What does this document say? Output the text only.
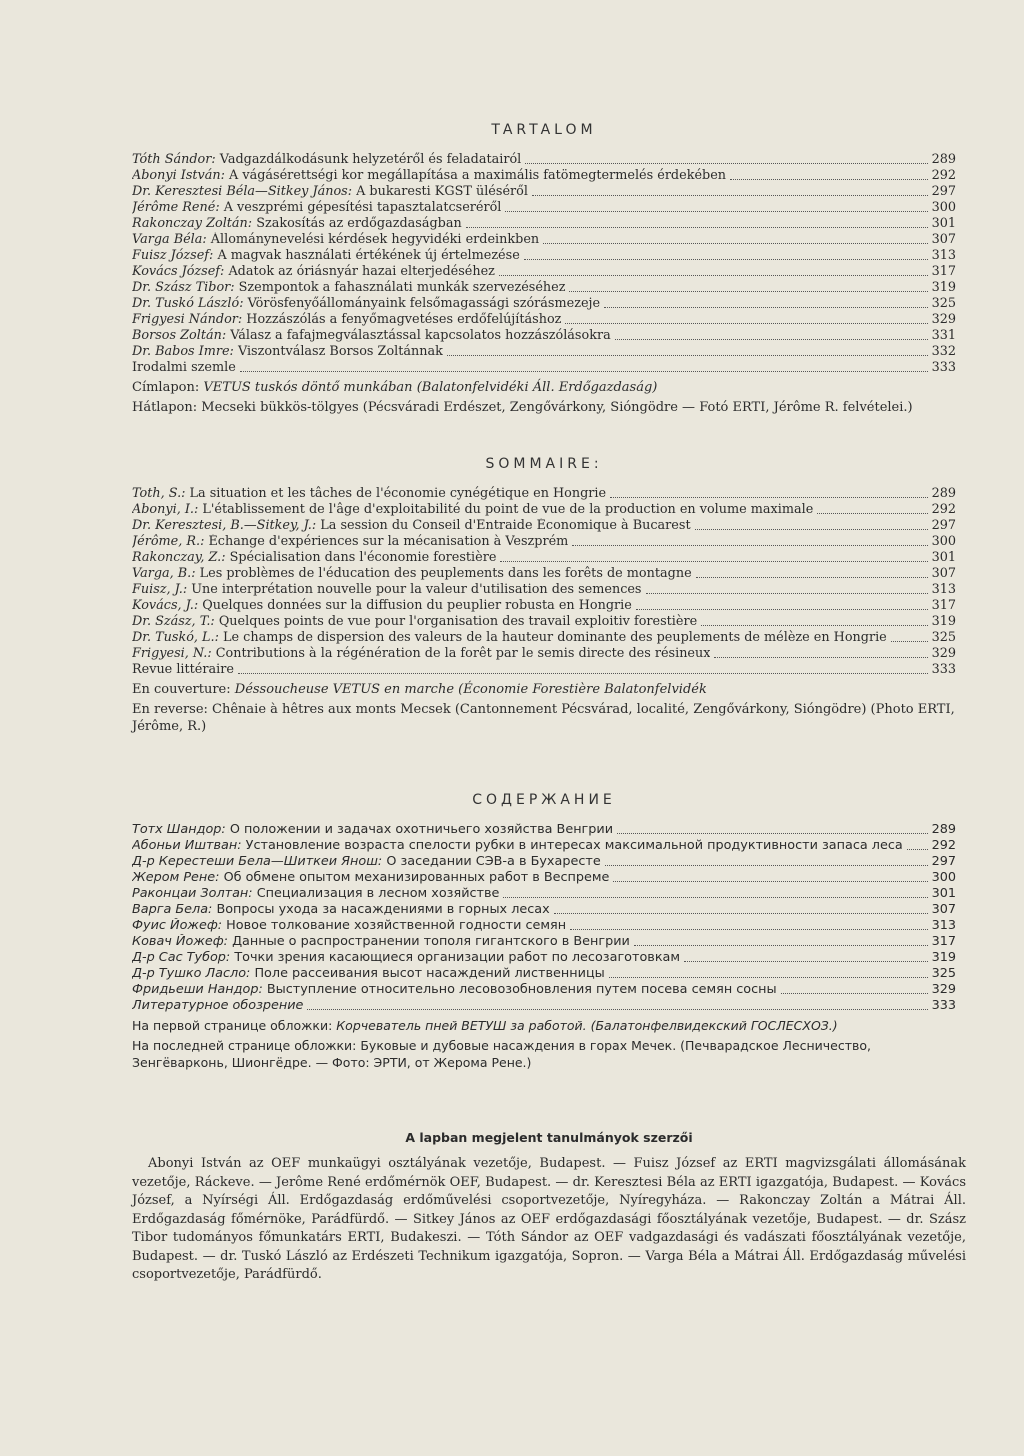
TARTALOM
Tóth Sándor: Vadgazdálkodásunk helyzetéről és feladatairól	289
Abonyi István: A vágásérettségi kor megállapítása a maximális fatömegtermelés érdekében	292
Dr. Keresztesi Béla—Sitkey János: A bukaresti KGST üléséről	297
Jérôme René: A veszprémi gépesítési tapasztalatcseréről	300
Rakonczay Zoltán: Szakosítás az erdőgazdaságban	301
Varga Béla: Állománynevelési kérdések hegyvidéki erdeinkben	307
Fuisz József: A magvak használati értékének új értelmezése	313
Kovács József: Adatok az óriásnyár hazai elterjedéséhez	317
Dr. Szász Tibor: Szempontok a fahasználati munkák szervezéséhez	319
Dr. Tuskó László: Vörösfenyőállományaink felsőmagassági szórásmezeje	325
Frigyesi Nándor: Hozzászólás a fenyőmagvetéses erdőfelújításhoz	329
Borsos Zoltán: Válasz a fafajmegválasztással kapcsolatos hozzászólásokra	331
Dr. Babos Imre: Viszontválasz Borsos Zoltánnak	332
Irodalmi szemle	333
Címlapon: VETUS tuskós döntő munkában (Balatonfelvidéki Áll. Erdőgazdaság)
Hátlapon: Mecseki bükkös-tölgyes (Pécsváradi Erdészet, Zengővárkony, Sióngödre — Fotó ERTI, Jérôme R. felvételei.)
SOMMAIRE:
Toth, S.: La situation et les tâches de l'économie cynégétique en Hongrie	289
Abonyi, I.: L'établissement de l'âge d'exploitabilité du point de vue de la production en volume maximale	292
Dr. Keresztesi, B.—Sitkey, J.: La session du Conseil d'Entraide Économique à Bucarest	297
Jérôme, R.: Échange d'expériences sur la mécanisation à Veszprém	300
Rakonczay, Z.: Spécialisation dans l'économie forestière	301
Varga, B.: Les problèmes de l'éducation des peuplements dans les forêts de montagne	307
Fuisz, J.: Une interprétation nouvelle pour la valeur d'utilisation des semences	313
Kovács, J.: Quelques données sur la diffusion du peuplier robusta en Hongrie	317
Dr. Szász, T.: Quelques points de vue pour l'organisation des travail exploitiv forestière	319
Dr. Tuskó, L.: Le champs de dispersion des valeurs de la hauteur dominante des peuplements de mélèze en Hongrie	325
Frigyesi, N.: Contributions à la régénération de la forêt par le semis directe des résineux	329
Revue littéraire	333
En couverture: Déssoucheuse VETUS en marche (Économie Forestière Balatonfelvidék
En reverse: Chênaie à hêtres aux monts Mecsek (Cantonnement Pécsvárad, localité, Zengővárkony, Sióngödre) (Photo ERTI, Jérôme, R.)
СОДЕРЖАНИЕ
Тотх Шандор: О положении и задачах охотничьего хозяйства Венгрии	289
Абоньи Иштван: Установление возраста спелости рубки в интересах максимальной продуктивности запаса леса 292
Д-р Керестеши Бела—Шиткеи Янош: О заседании СЭВ-а в Бухаресте	297
Жером Рене: Об обмене опытом механизированных работ в Веспреме	300
Раконцаи Золтан: Специализация в лесном хозяйстве	301
Варга Бела: Вопросы ухода за насаждениями в горных лесах	307
Фуис Йожеф: Новое толкование хозяйственной годности семян	313
Ковач Йожеф: Данные о распространении тополя гигантского в Венгрии	317
Д-р Сас Тубор: Точки зрения касающиеся организации работ по лесозаготовкам	319
Д-р Тушко Ласло: Поле рассеивания высот насаждений лиственницы	325
Фридьеши Нандор: Выступление относительно лесовозобновления путем посева семян сосны	329
Литературное обозрение	333
На первой странице обложки: Корчеватель пней ВЕТУШ за работой. (Балатонфелвидекский ГОСЛЕСХОЗ.)
На последней странице обложки: Буковые и дубовые насаждения в горах Мечек. (Печварадское Лесничество, Зенгёварконь, Шионгёдре. — Фото: ЭРТИ, от Жерома Рене.)
A lapban megjelent tanulmányok szerzői
Abonyi István az OEF munkaügyi osztályának vezetője, Budapest. — Fuisz József az ERTI magvizsgálati állomásának vezetője, Ráckeve. — Jerôme René erdőmérnök OEF, Budapest. — dr. Keresztesi Béla az ERTI igazgatója, Budapest. — Kovács József, a Nyírségi Áll. Erdőgazdaság erdőművelési csoportvezetője, Nyíregyháza. — Rakonczay Zoltán a Mátrai Áll. Erdőgazdaság főmérnöke, Parádfürdő. — Sitkey János az OEF erdőgazdasági főosztályának vezetője, Budapest. — dr. Szász Tibor tudományos főmunkatárs ERTI, Budakeszi. — Tóth Sándor az OEF vadgazdasági és vadászati főosztályának vezetője, Budapest. — dr. Tuskó László az Erdészeti Technikum igazgatója, Sopron. — Varga Béla a Mátrai Áll. Erdőgazdaság művelési csoportvezetője, Parádfürdő.
